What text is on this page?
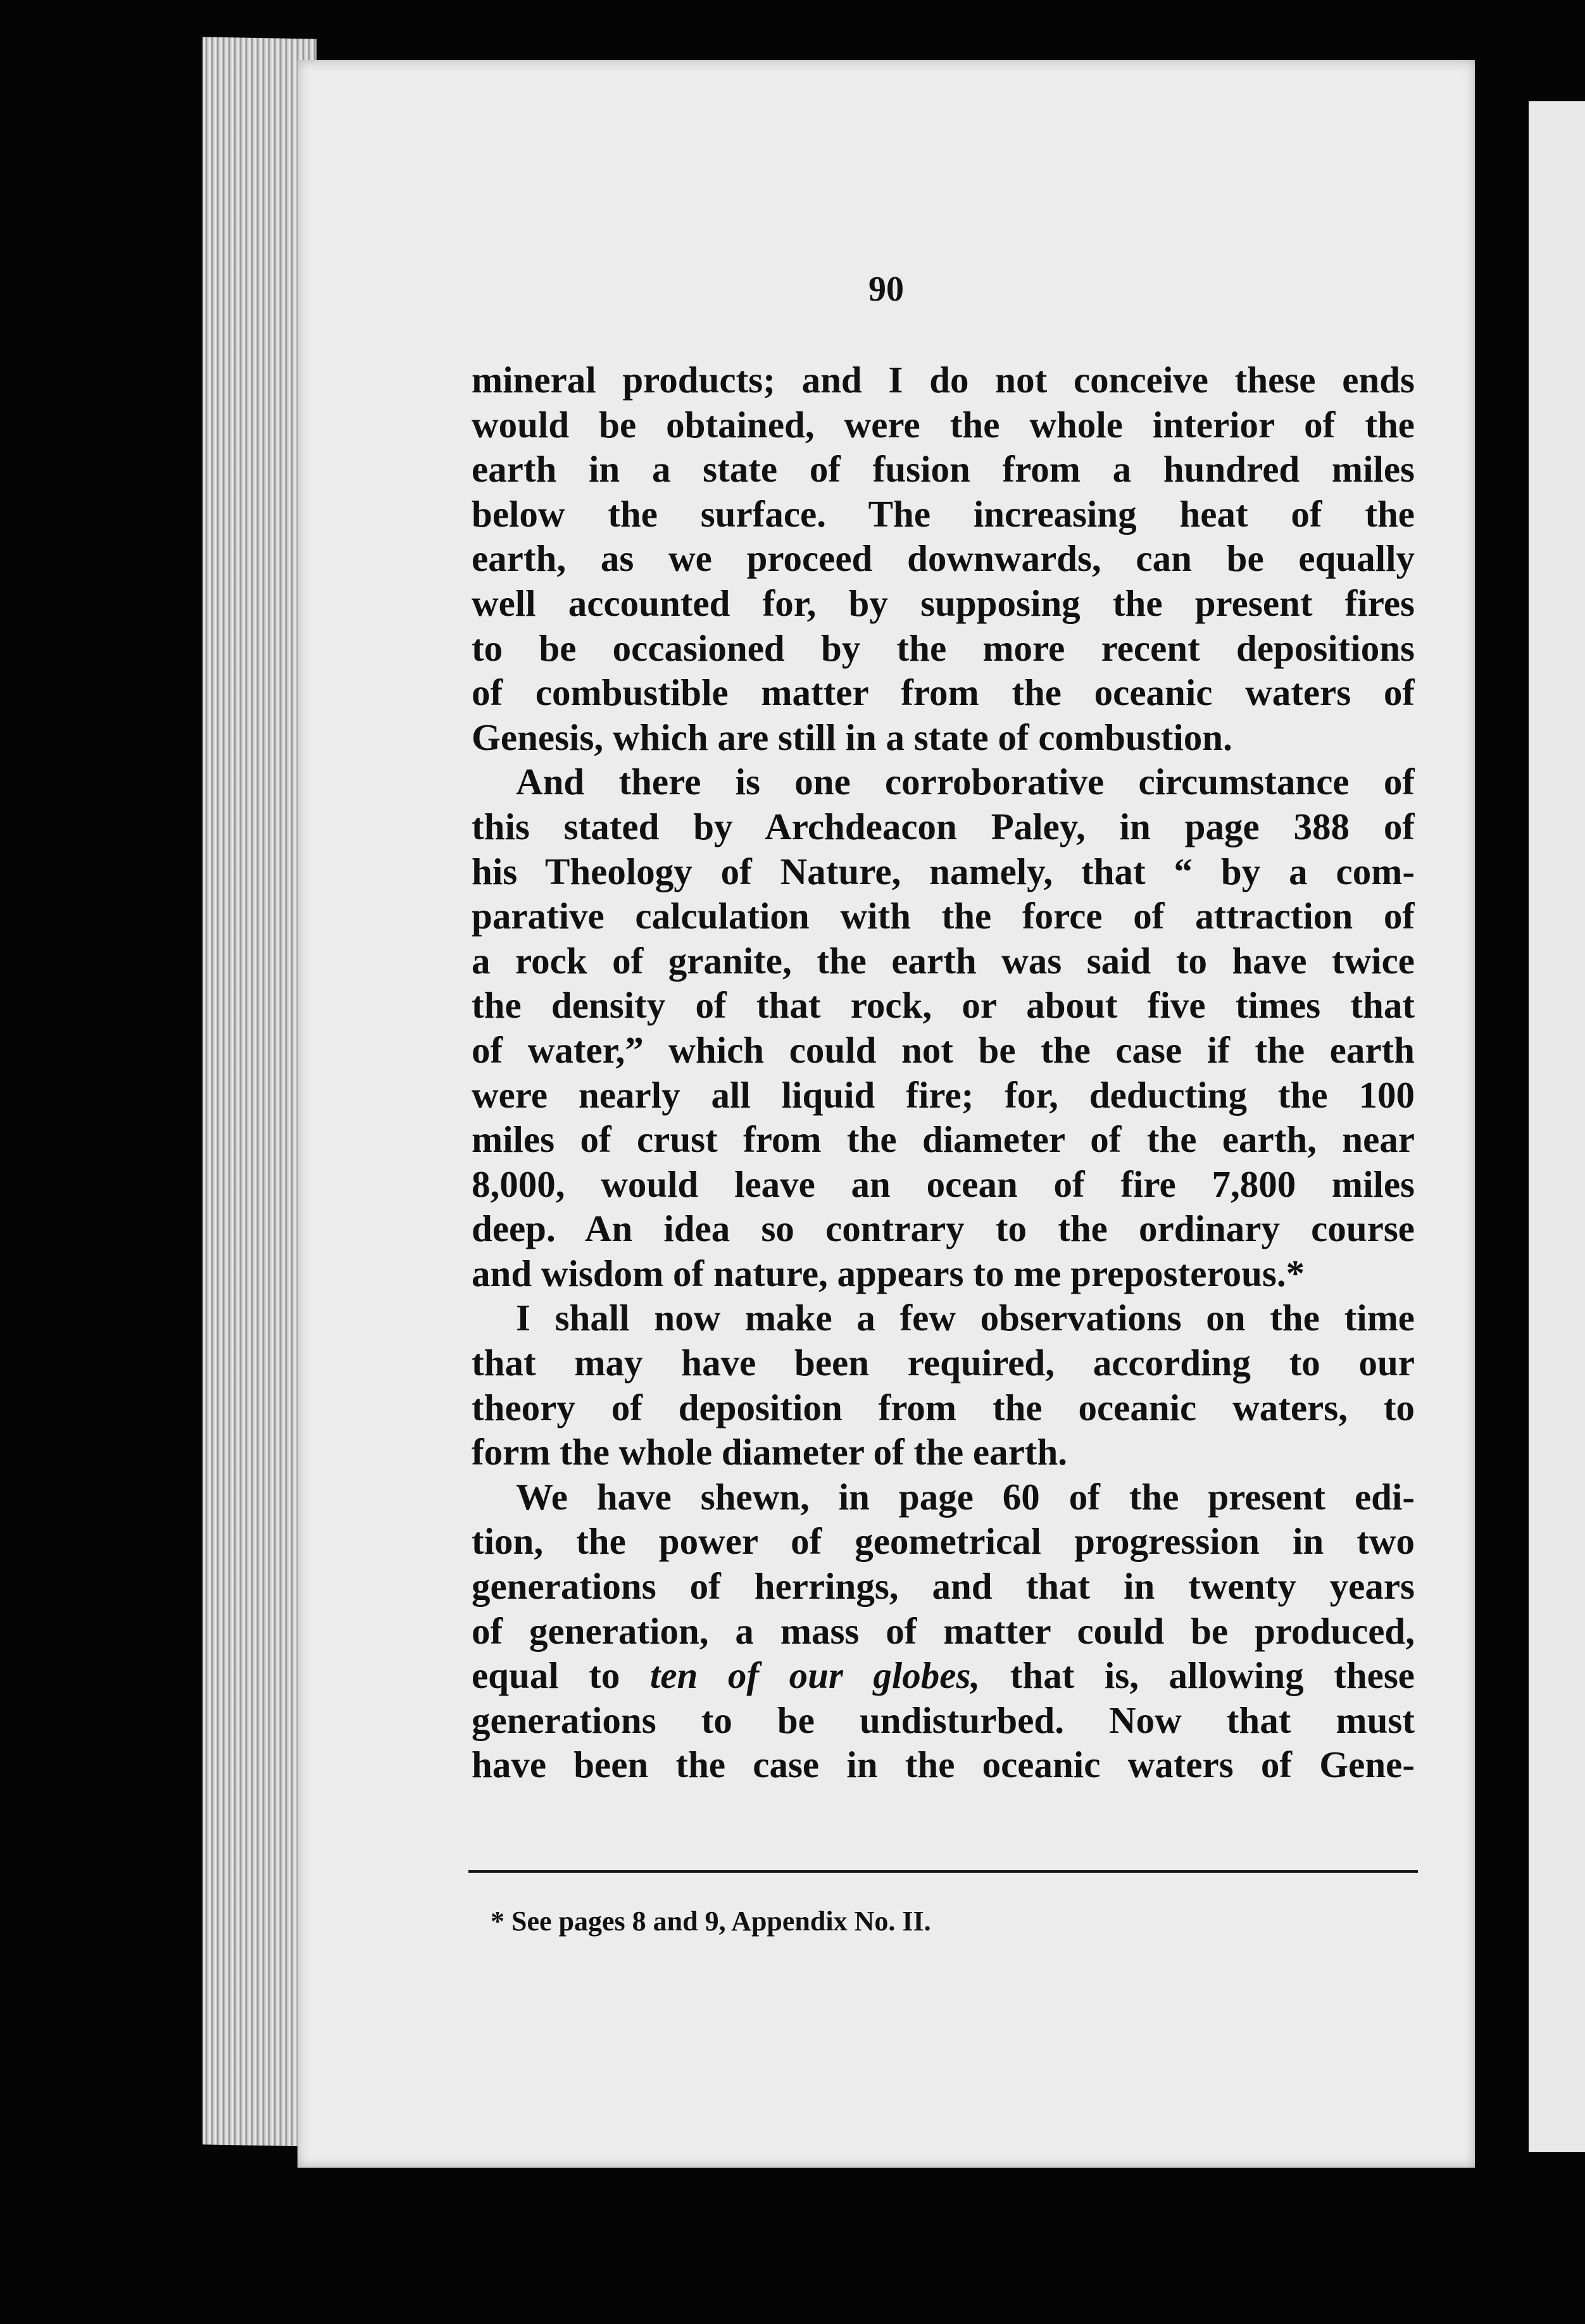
90
mineral products; and I do not conceive these ends
would be obtained, were the whole interior of the
earth in a state of fusion from a hundred miles
below the surface. The increasing heat of the
earth, as we proceed downwards, can be equally
well accounted for, by supposing the present fires
to be occasioned by the more recent depositions
of combustible matter from the oceanic waters of
Genesis, which are still in a state of combustion.
And there is one corroborative circumstance of
this stated by Archdeacon Paley, in page 388 of
his Theology of Nature, namely, that “ by a com-
parative calculation with the force of attraction of
a rock of granite, the earth was said to have twice
the density of that rock, or about five times that
of water,” which could not be the case if the earth
were nearly all liquid fire; for, deducting the 100
miles of crust from the diameter of the earth, near
8,000, would leave an ocean of fire 7,800 miles
deep. An idea so contrary to the ordinary course
and wisdom of nature, appears to me preposterous.*
I shall now make a few observations on the time
that may have been required, according to our
theory of deposition from the oceanic waters, to
form the whole diameter of the earth.
We have shewn, in page 60 of the present edi-
tion, the power of geometrical progression in two
generations of herrings, and that in twenty years
of generation, a mass of matter could be produced,
equal to ten of our globes, that is, allowing these
generations to be undisturbed. Now that must
have been the case in the oceanic waters of Gene-
* See pages 8 and 9, Appendix No. II.
